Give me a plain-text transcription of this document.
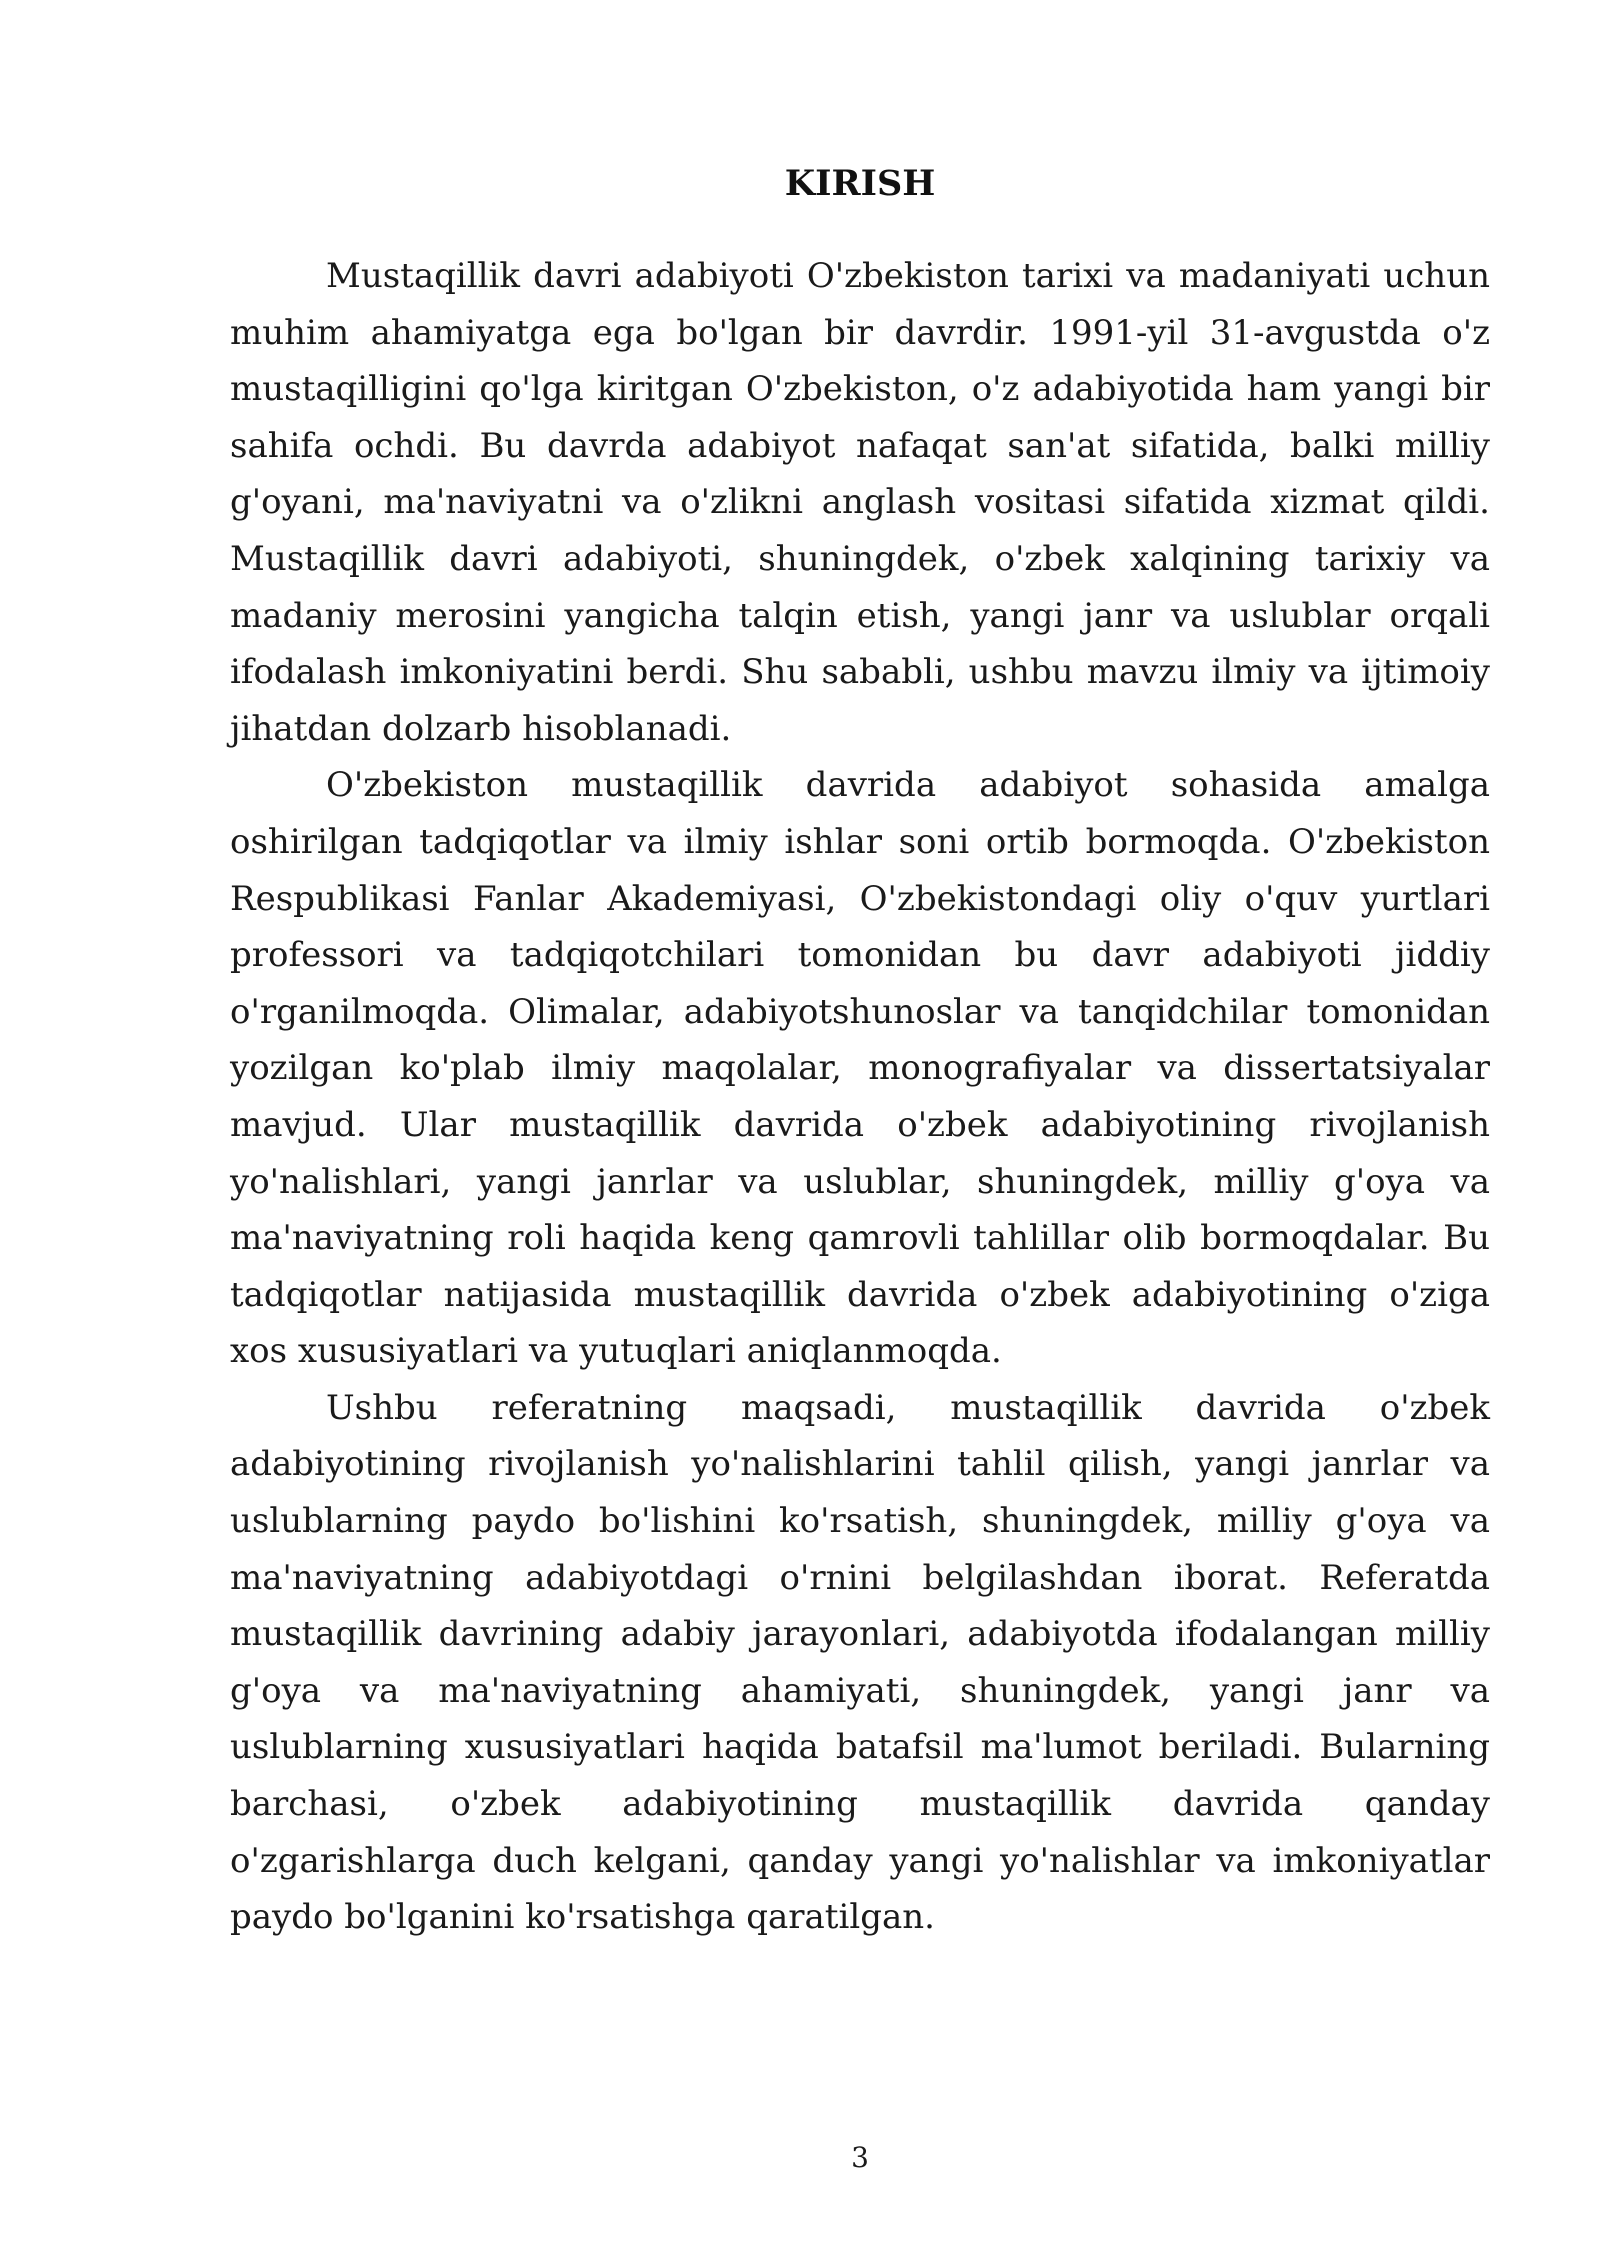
KIRISH

Mustaqillik davri adabiyoti O'zbekiston tarixi va madaniyati uchun muhim ahamiyatga ega bo'lgan bir davrdir. 1991-yil 31-avgustda o'z mustaqilligini qo'lga kiritgan O'zbekiston, o'z adabiyotida ham yangi bir sahifa ochdi. Bu davrda adabiyot nafaqat san'at sifatida, balki milliy g'oyani, ma'naviyatni va o'zlikni anglash vositasi sifatida xizmat qildi. Mustaqillik davri adabiyoti, shuningdek, o'zbek xalqining tarixiy va madaniy merosini yangicha talqin etish, yangi janr va uslublar orqali ifodalash imkoniyatini berdi. Shu sababli, ushbu mavzu ilmiy va ijtimoiy jihatdan dolzarb hisoblanadi.

O'zbekiston mustaqillik davrida adabiyot sohasida amalga oshirilgan tadqiqotlar va ilmiy ishlar soni ortib bormoqda. O'zbekiston Respublikasi Fanlar Akademiyasi, O'zbekistondagi oliy o'quv yurtlari professori va tadqiqotchilari tomonidan bu davr adabiyoti jiddiy o'rganilmoqda. Olimalar, adabiyotshunoslar va tanqidchilar tomonidan yozilgan ko'plab ilmiy maqolalar, monografiyalar va dissertatsiyalar mavjud. Ular mustaqillik davrida o'zbek adabiyotining rivojlanish yo'nalishlari, yangi janrlar va uslublar, shuningdek, milliy g'oya va ma'naviyatning roli haqida keng qamrovli tahlillar olib bormoqdalar. Bu tadqiqotlar natijasida mustaqillik davrida o'zbek adabiyotining o'ziga xos xususiyatlari va yutuqlari aniqlanmoqda.

Ushbu referatning maqsadi, mustaqillik davrida o'zbek adabiyotining rivojlanish yo'nalishlarini tahlil qilish, yangi janrlar va uslublarning paydo bo'lishini ko'rsatish, shuningdek, milliy g'oya va ma'naviyatning adabiyotdagi o'rnini belgilashdan iborat. Referatda mustaqillik davrining adabiy jarayonlari, adabiyotda ifodalangan milliy g'oya va ma'naviyatning ahamiyati, shuningdek, yangi janr va uslublarning xususiyatlari haqida batafsil ma'lumot beriladi. Bularning barchasi, o'zbek adabiyotining mustaqillik davrida qanday o'zgarishlarga duch kelgani, qanday yangi yo'nalishlar va imkoniyatlar paydo bo'lganini ko'rsatishga qaratilgan.

3
